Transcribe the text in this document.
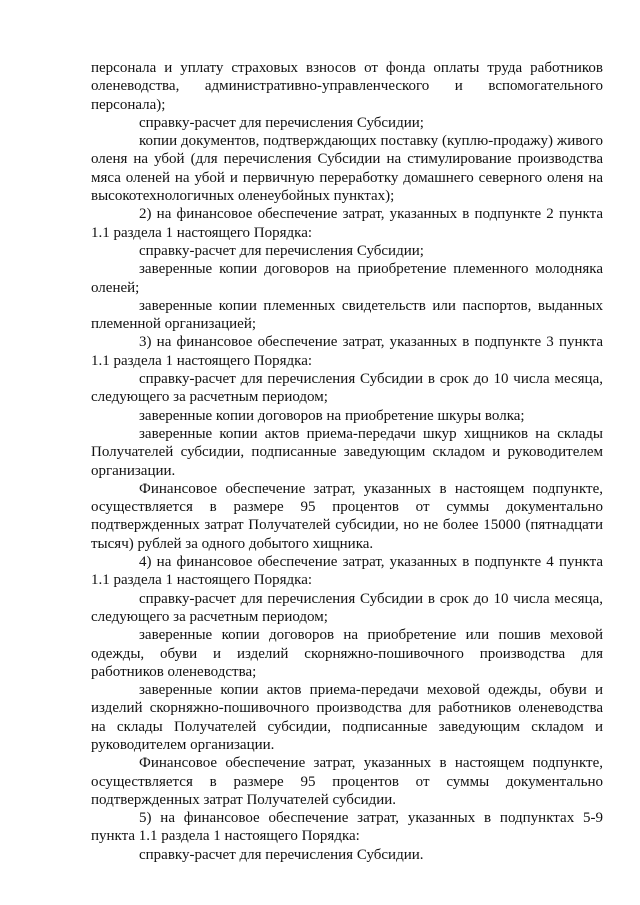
персонала и уплату страховых взносов от фонда оплаты труда работников оленеводства, административно-управленческого и вспомогательного персонала);

справку-расчет для перечисления Субсидии;

копии документов, подтверждающих поставку (куплю-продажу) живого оленя на убой (для перечисления Субсидии на стимулирование производства мяса оленей на убой и первичную переработку домашнего северного оленя на высокотехнологичных оленеубойных пунктах);

2) на финансовое обеспечение затрат, указанных в подпункте 2 пункта 1.1 раздела 1 настоящего Порядка:

справку-расчет для перечисления Субсидии;

заверенные копии договоров на приобретение племенного молодняка оленей;

заверенные копии племенных свидетельств или паспортов, выданных племенной организацией;

3) на финансовое обеспечение затрат, указанных в подпункте 3 пункта 1.1 раздела 1 настоящего Порядка:

справку-расчет для перечисления Субсидии в срок до 10 числа месяца, следующего за расчетным периодом;

заверенные копии договоров на приобретение шкуры волка;

заверенные копии актов приема-передачи шкур хищников на склады Получателей субсидии, подписанные заведующим складом и руководителем организации.

Финансовое обеспечение затрат, указанных в настоящем подпункте, осуществляется в размере 95 процентов от суммы документально подтвержденных затрат Получателей субсидии, но не более 15000 (пятнадцати тысяч) рублей за одного добытого хищника.

4) на финансовое обеспечение затрат, указанных в подпункте 4 пункта 1.1 раздела 1 настоящего Порядка:

справку-расчет для перечисления Субсидии в срок до 10 числа месяца, следующего за расчетным периодом;

заверенные копии договоров на приобретение или пошив меховой одежды, обуви и изделий скорняжно-пошивочного производства для работников оленеводства;

заверенные копии актов приема-передачи меховой одежды, обуви и изделий скорняжно-пошивочного производства для работников оленеводства на склады Получателей субсидии, подписанные заведующим складом и руководителем организации.

Финансовое обеспечение затрат, указанных в настоящем подпункте, осуществляется в размере 95 процентов от суммы документально подтвержденных затрат Получателей субсидии.

5) на финансовое обеспечение затрат, указанных в подпунктах 5-9 пункта 1.1 раздела 1 настоящего Порядка:

справку-расчет для перечисления Субсидии.
